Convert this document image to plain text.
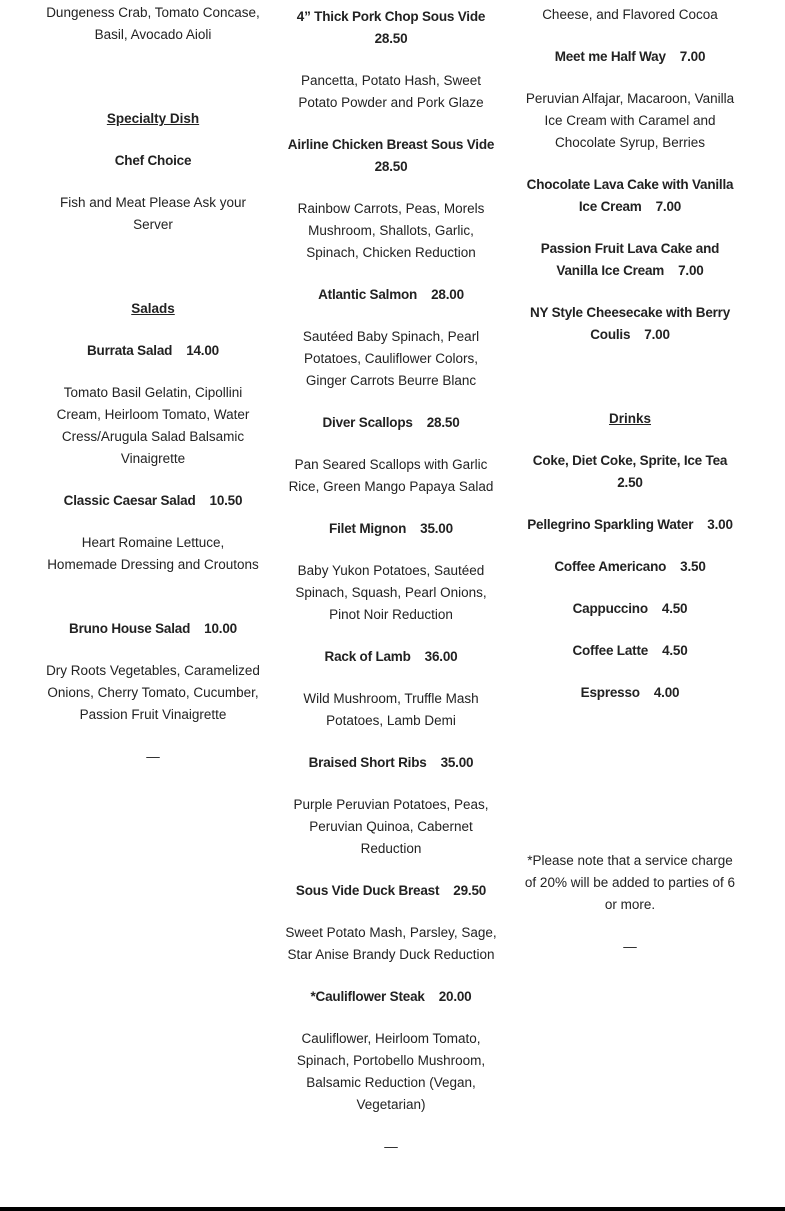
Dungeness Crab, Tomato Concase, Basil, Avocado Aioli

Specialty Dish

Chef Choice

Fish and Meat Please Ask your Server

Salads

Burrata Salad 14.00

Tomato Basil Gelatin, Cipollini Cream, Heirloom Tomato, Water Cress/Arugula Salad Balsamic Vinaigrette

Classic Caesar Salad 10.50

Heart Romaine Lettuce, Homemade Dressing and Croutons

Bruno House Salad 10.00

Dry Roots Vegetables, Caramelized Onions, Cherry Tomato, Cucumber, Passion Fruit Vinaigrette

—

4” Thick Pork Chop Sous Vide
28.50

Pancetta, Potato Hash, Sweet Potato Powder and Pork Glaze

Airline Chicken Breast Sous Vide
28.50

Rainbow Carrots, Peas, Morels Mushroom, Shallots, Garlic, Spinach, Chicken Reduction

Atlantic Salmon 28.00

Sautéed Baby Spinach, Pearl Potatoes, Cauliflower Colors, Ginger Carrots Beurre Blanc

Diver Scallops 28.50

Pan Seared Scallops with Garlic Rice, Green Mango Papaya Salad

Filet Mignon 35.00

Baby Yukon Potatoes, Sautéed Spinach, Squash, Pearl Onions, Pinot Noir Reduction

Rack of Lamb 36.00

Wild Mushroom, Truffle Mash Potatoes, Lamb Demi

Braised Short Ribs 35.00

Purple Peruvian Potatoes, Peas, Peruvian Quinoa, Cabernet Reduction

Sous Vide Duck Breast 29.50

Sweet Potato Mash, Parsley, Sage, Star Anise Brandy Duck Reduction

*Cauliflower Steak 20.00

Cauliflower, Heirloom Tomato, Spinach, Portobello Mushroom, Balsamic Reduction (Vegan, Vegetarian)

—

Cheese, and Flavored Cocoa

Meet me Half Way 7.00

Peruvian Alfajar, Macaroon, Vanilla Ice Cream with Caramel and Chocolate Syrup, Berries

Chocolate Lava Cake with Vanilla Ice Cream 7.00

Passion Fruit Lava Cake and Vanilla Ice Cream 7.00

NY Style Cheesecake with Berry Coulis 7.00

Drinks

Coke, Diet Coke, Sprite, Ice Tea
2.50

Pellegrino Sparkling Water 3.00

Coffee Americano 3.50

Cappuccino 4.50

Coffee Latte 4.50

Espresso 4.00

*Please note that a service charge of 20% will be added to parties of 6 or more.

—
